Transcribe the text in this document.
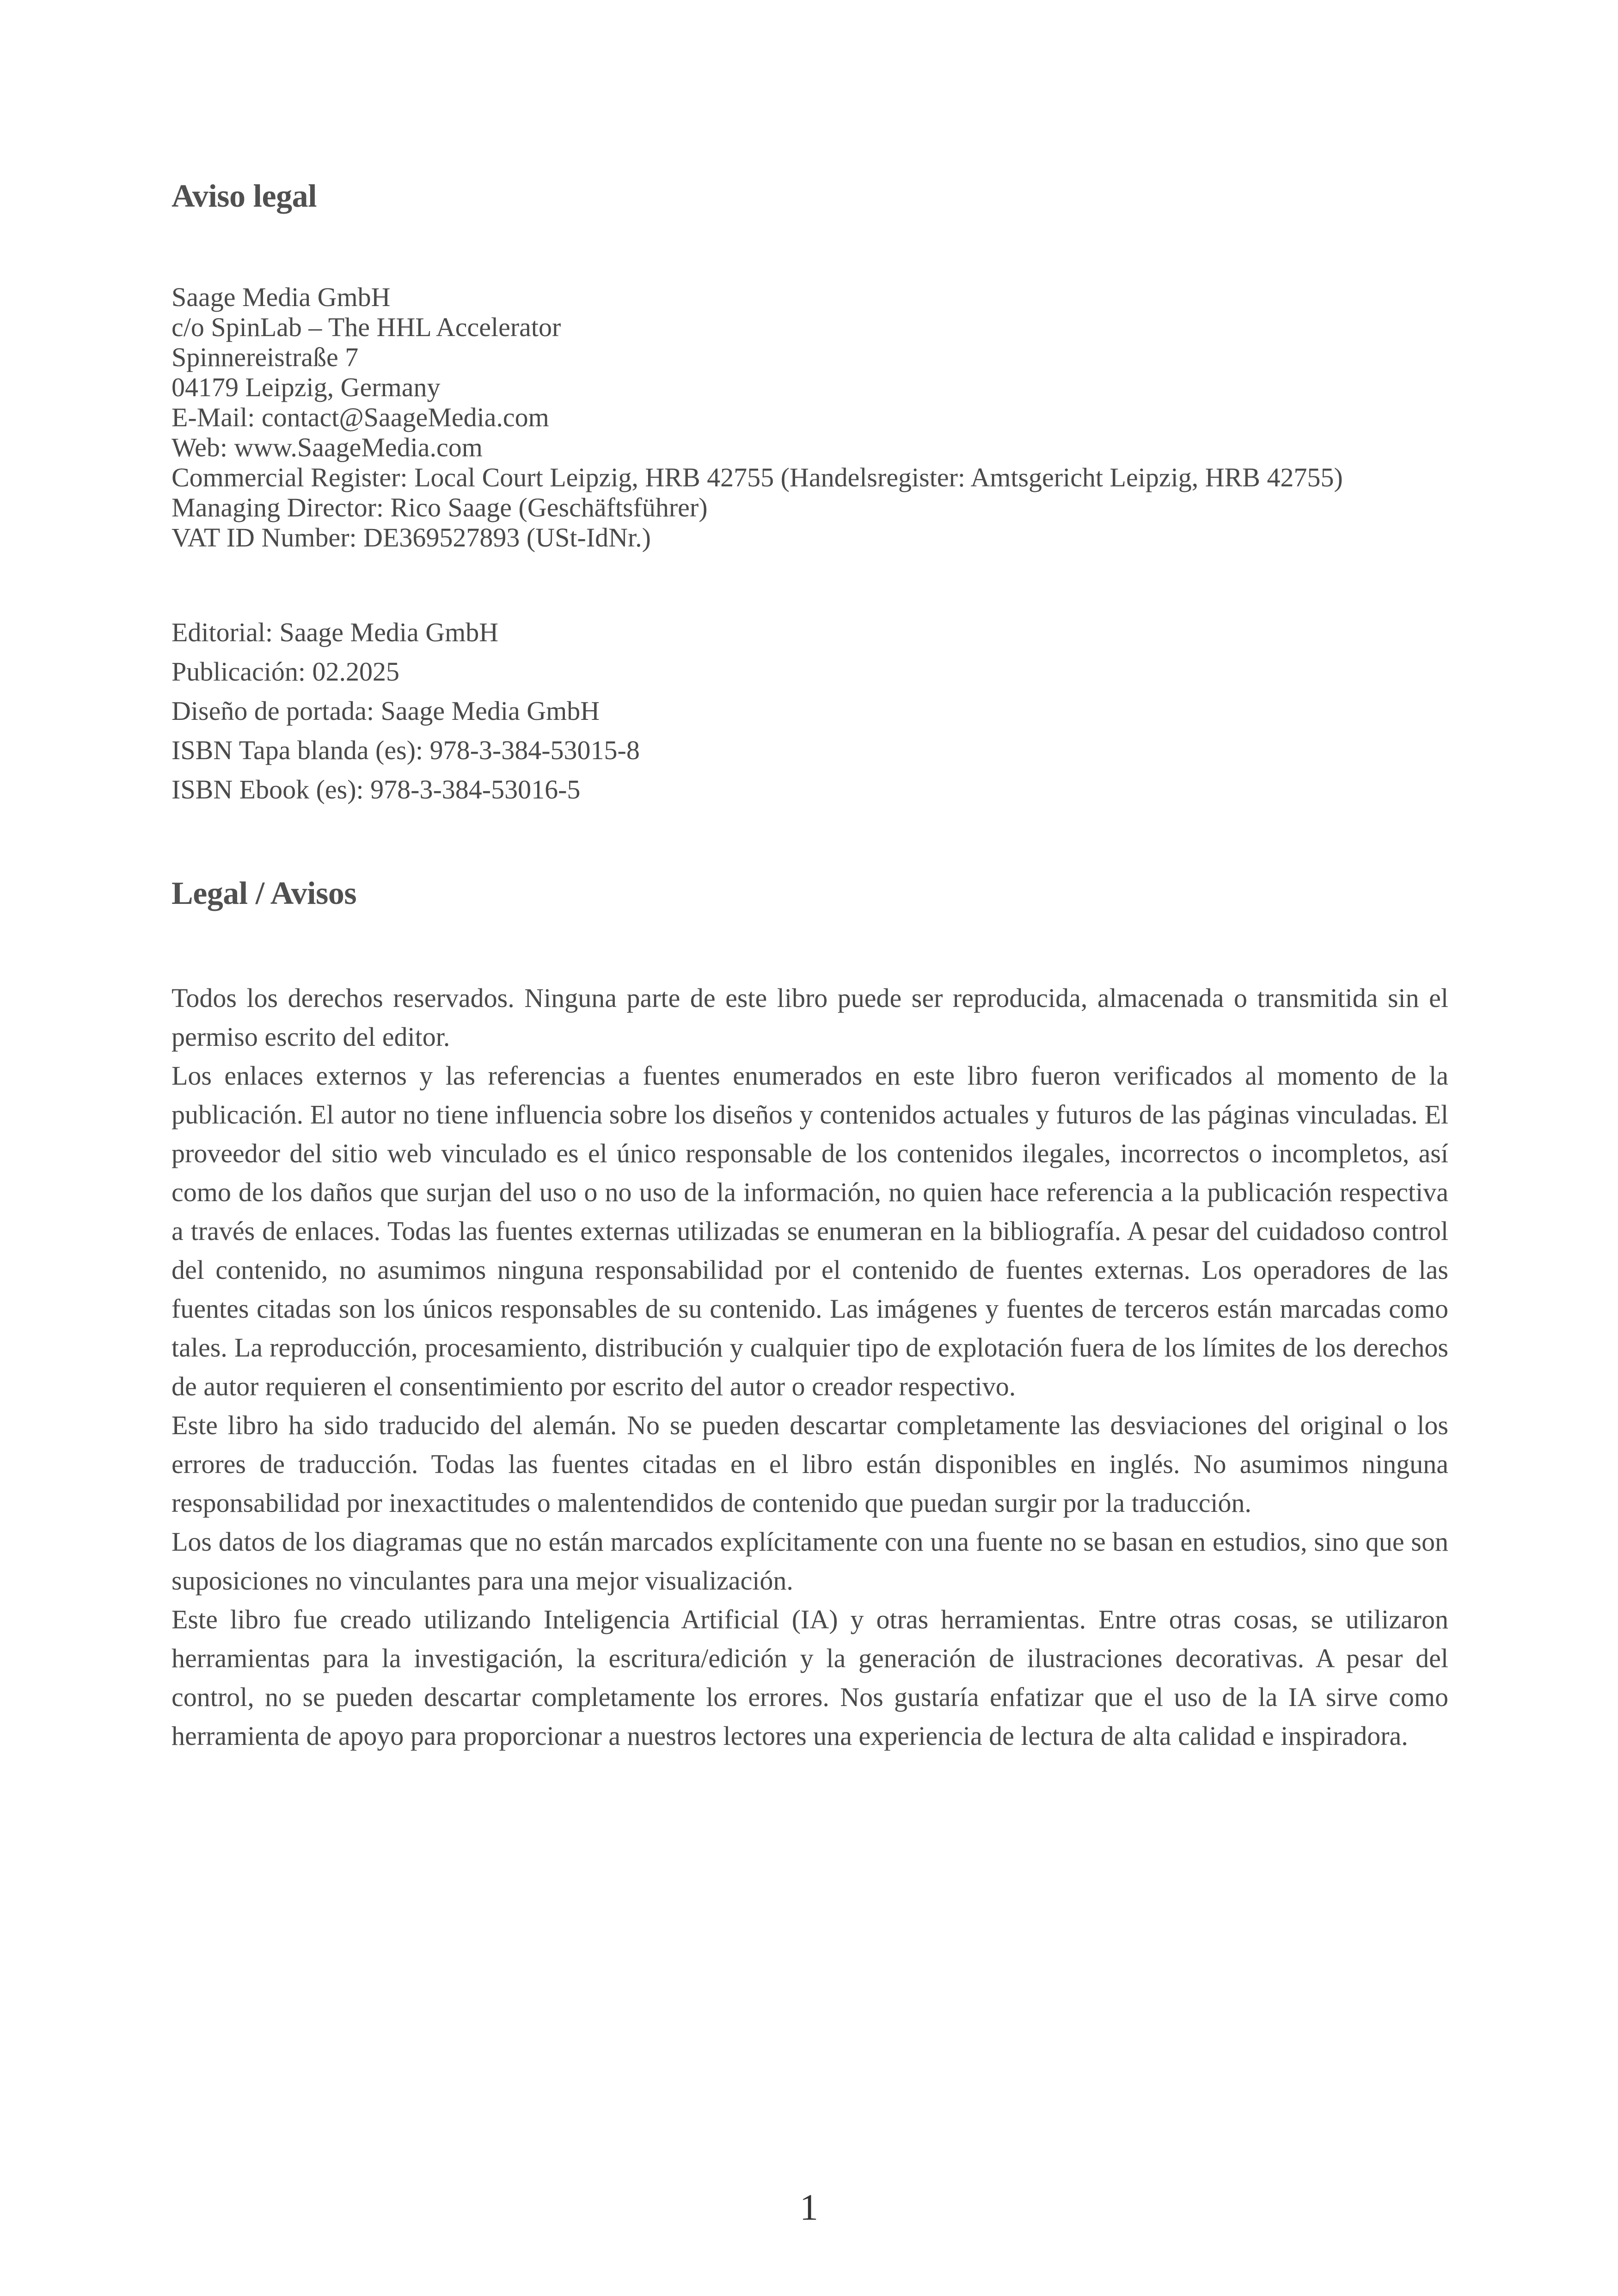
Aviso legal
Saage Media GmbH
c/o SpinLab – The HHL Accelerator
Spinnereistraße 7
04179 Leipzig, Germany
E-Mail: contact@SaageMedia.com
Web: www.SaageMedia.com
Commercial Register: Local Court Leipzig, HRB 42755 (Handelsregister: Amtsgericht Leipzig, HRB 42755)
Managing Director: Rico Saage (Geschäftsführer)
VAT ID Number: DE369527893 (USt-IdNr.)
Editorial: Saage Media GmbH
Publicación: 02.2025
Diseño de portada: Saage Media GmbH
ISBN Tapa blanda (es): 978-3-384-53015-8
ISBN Ebook (es): 978-3-384-53016-5
Legal / Avisos

Todos los derechos reservados. Ninguna parte de este libro puede ser reproducida, almacenada o transmitida sin el permiso escrito del editor.

Los enlaces externos y las referencias a fuentes enumerados en este libro fueron verificados al momento de la publicación. El autor no tiene influencia sobre los diseños y contenidos actuales y futuros de las páginas vinculadas. El proveedor del sitio web vinculado es el único responsable de los contenidos ilegales, incorrectos o incompletos, así como de los daños que surjan del uso o no uso de la información, no quien hace referencia a la publicación respectiva a través de enlaces. Todas las fuentes externas utilizadas se enumeran en la bibliografía. A pesar del cuidadoso control del contenido, no asumimos ninguna responsabilidad por el contenido de fuentes externas. Los operadores de las fuentes citadas son los únicos responsables de su contenido. Las imágenes y fuentes de terceros están marcadas como tales. La reproducción, procesamiento, distribución y cualquier tipo de explotación fuera de los límites de los derechos de autor requieren el consentimiento por escrito del autor o creador respectivo.

Este libro ha sido traducido del alemán. No se pueden descartar completamente las desviaciones del original o los errores de traducción. Todas las fuentes citadas en el libro están disponibles en inglés. No asumimos ninguna responsabilidad por inexactitudes o malentendidos de contenido que puedan surgir por la traducción.

Los datos de los diagramas que no están marcados explícitamente con una fuente no se basan en estudios, sino que son suposiciones no vinculantes para una mejor visualización.

Este libro fue creado utilizando Inteligencia Artificial (IA) y otras herramientas. Entre otras cosas, se utilizaron herramientas para la investigación, la escritura/edición y la generación de ilustraciones decorativas. A pesar del control, no se pueden descartar completamente los errores. Nos gustaría enfatizar que el uso de la IA sirve como herramienta de apoyo para proporcionar a nuestros lectores una experiencia de lectura de alta calidad e inspiradora.

1
